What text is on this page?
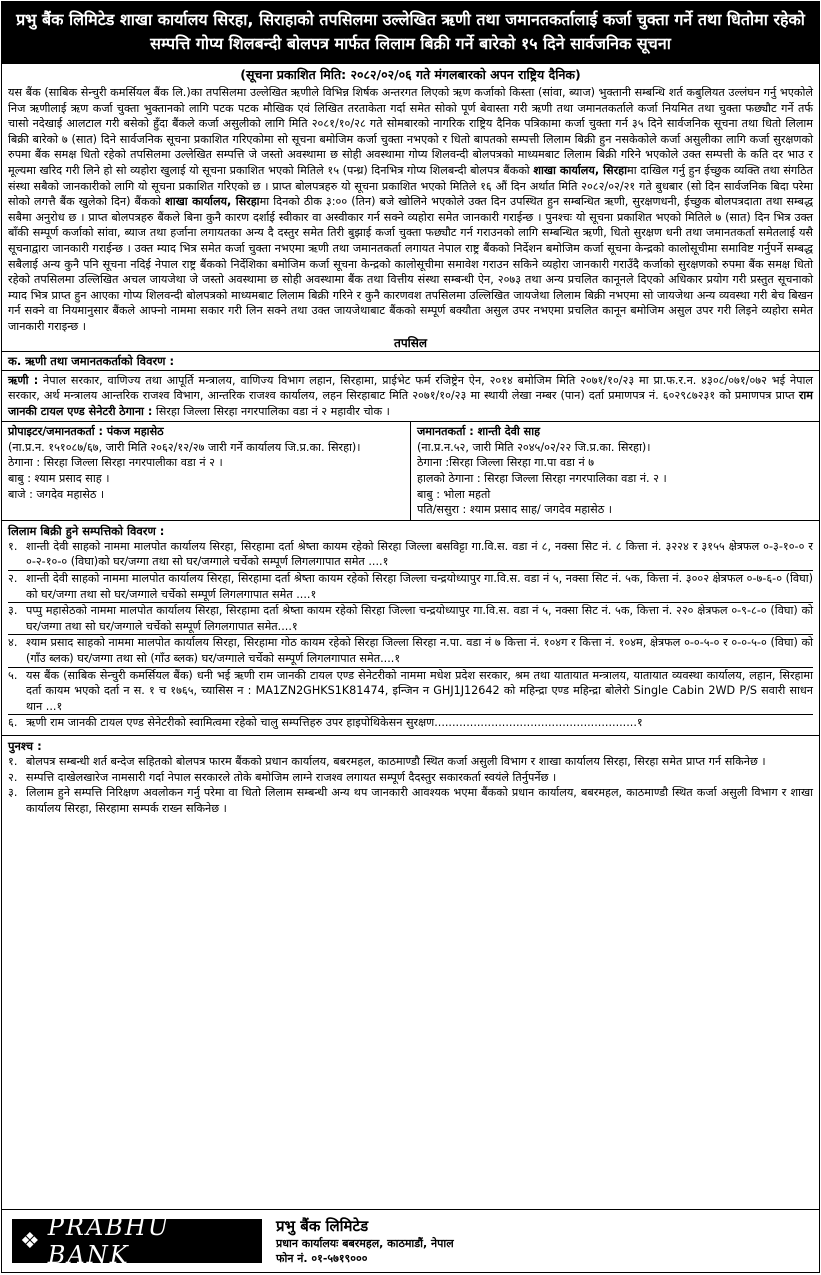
प्रभु बैंक लिमिटेड शाखा कार्यालय सिरहा, सिराहाको तपसिलमा उल्लेखित ऋणी तथा जमानतकर्तालाई कर्जा चुक्ता गर्ने तथा धितोमा रहेको सम्पत्ति गोप्य शिलबन्दी बोलपत्र मार्फत लिलाम बिक्री गर्ने बारेको १५ दिने सार्वजनिक सूचना
(सूचना प्रकाशित मिति: २०८२/०२/०६ गते मंगलबारको अपन राष्ट्रिय दैनिक)
यस बैंक (साबिक सेन्चुरी कमर्सियल बैंक लि.)का तपसिलमा उल्लेखित ऋणीले विभिन्न शिर्षक अन्तरगत लिएको ऋण कर्जाको किस्ता (सांवा, ब्याज) भुक्तानी सम्बन्धि शर्त कबुलियत उल्लंघन गर्नु भएकोले निज ऋणीलाई ऋण कर्जा चुक्ता भुक्तानको लागि पटक पटक मौखिक एवं लिखित तरताकेता गर्दा समेत सोको पूर्ण बेवास्ता गरी ऋणी तथा जमानतकर्ताले कर्जा नियमित तथा चुक्ता फछ्यौट गर्ने तर्फ चासो नदेखाई आलटाल गरी बसेको हुँदा बैंकले कर्जा असुलीको लागि मिति २०८१/१०/२८ गते सोमबारको नागरिक राष्ट्रिय दैनिक पत्रिकामा कर्जा चुक्ता गर्न ३५ दिने सार्वजनिक सूचना तथा धितो लिलाम बिक्री बारेको ७ (सात) दिने सार्वजनिक सूचना प्रकाशित गरिएकोमा सो सूचना बमोजिम कर्जा चुक्ता नभएको र धितो बापतको सम्पत्ती लिलाम बिक्री हुन नसकेकोले कर्जा असुलीका लागि कर्जा सुरक्षणको रुपमा बैंक समक्ष धितो रहेको तपसिलमा उल्लेखित सम्पत्ति जे जस्तो अवस्थामा छ सोही अवस्थामा गोप्य शिलवन्दी बोलपत्रको माध्यमबाट लिलाम बिक्री गरिने भएकोले उक्त सम्पत्ती के कति दर भाउ र मूल्यमा खरिद गरी लिने हो सो व्यहोरा खुलाई यो सूचना प्रकाशित भएको मितिले १५ (पन्ध्र) दिनभित्र गोप्य शिलबन्दी बोलपत्र बैंकको शाखा कार्यालय, सिरहामा दाखिल गर्नु हुन ईच्छुक व्यक्ति तथा संगठित संस्था सबैको जानकारीको लागि यो सूचना प्रकाशित गरिएको छ । प्राप्त बोलपत्रहरु यो सूचना प्रकाशित भएको मितिले १६ औं दिन अर्थात मिति २०८२/०२/२१ गते बुधबार (सो दिन सार्वजनिक बिदा परेमा सोको लगत्तै बैंक खुलेको दिन) बैंकको शाखा कार्यालय, सिरहामा दिनको ठीक ३:०० (तिन) बजे खोलिने भएकोले उक्त दिन उपस्थित हुन सम्बन्धित ऋणी, सुरक्षणधनी, ईच्छुक बोलपत्रदाता तथा सम्बद्ध सबैमा अनुरोध छ । प्राप्त बोलपत्रहरु बैंकले बिना कुनै कारण दर्शाई स्वीकार वा अस्वीकार गर्न सक्ने व्यहोरा समेत जानकारी गराईन्छ । पुनश्चः यो सूचना प्रकाशित भएको मितिले ७ (सात) दिन भित्र उक्त बाँकी सम्पूर्ण कर्जाको सांवा, ब्याज तथा हर्जाना लगायतका अन्य दै दस्तुर समेत तिरी बुझाई कर्जा चुक्ता फछ्यौट गर्न गराउनको लागि सम्बन्धित ऋणी, धितो सुरक्षण धनी तथा जमानतकर्ता समेतलाई यसै सूचनाद्वारा जानकारी गराईन्छ । उक्त म्याद भित्र समेत कर्जा चुक्ता नभएमा ऋणी तथा जमानतकर्ता लगायत नेपाल राष्ट्र बैंकको निर्देशन बमोजिम कर्जा सूचना केन्द्रको कालोसूचीमा समाविष्ट गर्नुपर्ने सम्बद्ध सबैलाई अन्य कुनै पनि सूचना नदिई नेपाल राष्ट्र बैंकको निर्देशिका बमोजिम कर्जा सूचना केन्द्रको कालोसूचीमा समावेश गराउन सकिने व्यहोरा जानकारी गराउँदै कर्जाको सुरक्षणको रुपमा बैंक समक्ष धितो रहेको तपसिलमा उल्लिखित अचल जायजेथा जे जस्तो अवस्थामा छ सोही अवस्थामा बैंक तथा वित्तीय संस्था सम्बन्धी ऐन, २०७३ तथा अन्य प्रचलित कानूनले दिएको अधिकार प्रयोग गरी प्रस्तुत सूचनाको म्याद भित्र प्राप्त हुन आएका गोप्य शिलवन्दी बोलपत्रको माध्यमबाट लिलाम बिक्री गरिने र कुनै कारणवश तपसिलमा उल्लिखित जायजेथा लिलाम बिक्री नभएमा सो जायजेथा अन्य व्यवस्था गरी बेच बिखन गर्न सक्ने वा नियमानुसार बैंकले आफ्नो नाममा सकार गरी लिन सक्ने तथा उक्त जायजेथाबाट बैंकको सम्पूर्ण बक्यौता असुल उपर नभएमा प्रचलित कानून बमोजिम असुल उपर गरी लिइने व्यहोरा समेत जानकारी गराइन्छ ।
तपसिल
क. ऋणी तथा जमानतकर्ताको विवरण :
ऋणी : नेपाल सरकार, वाणिज्य तथा आपूर्ति मन्त्रालय, वाणिज्य विभाग लहान, सिरहामा, प्राईभेट फर्म रजिष्ट्रेन ऐन, २०१४ बमोजिम मिति २०७१/१०/२३ मा प्रा.फ.र.न. ४३०८/०७१/०७२ भई नेपाल सरकार, अर्थ मन्त्रालय आन्तरिक राजश्व विभाग, आन्तरिक राजश्व कार्यालय, लहन सिरहाबाट मिति २०७१/१०/२३ मा स्थायी लेखा नम्बर (पान) दर्ता प्रमाणपत्र नं. ६०२९८७२३१ को प्रमाणपत्र प्राप्त राम जानकी टायल एण्ड सेनेटरी ठेगाना : सिरहा जिल्ला सिरहा नगरपालिका वडा नं २ महावीर चोक ।
प्रोपाइटर/जमानतकर्ता : पंकज महासेठ
(ना.प्र.न. १५१०८७/६७, जारी मिति २०६२/१२/२७ जारी गर्ने कार्यालय जि.प्र.का. सिरहा)।
ठेगाना : सिरहा जिल्ला सिरहा नगरपालीका वडा नं २ ।
बाबु : श्याम प्रसाद साह ।
बाजे : जगदेव महासेठ ।
जमानतकर्ता : शान्ती देवी साह
(ना.प्र.न.५२, जारी मिति २०४५/०२/२२ जि.प्र.का. सिरहा)।
ठेगाना :सिरहा जिल्ला सिरहा गा.पा वडा नं ७
हालको ठेगाना : सिरहा जिल्ला सिरहा नगरपालिका वडा नं. २ ।
बाबु : भोला महतो
पति/ससुरा : श्याम प्रसाद साह/ जगदेव महासेठ ।
लिलाम बिक्री हुने सम्पत्तिको विवरण :
१. शान्ती देवी साहको नाममा मालपोत कार्यालय सिरहा, सिरहामा दर्ता श्रेष्ता कायम रहेको सिरहा जिल्ला बसविट्टा गा.वि.स. वडा नं ८, नक्सा सिट नं. ८ कित्ता नं. ३२२४ र ३१५५ क्षेत्रफल ०-३-१०-० र ०-२-१०-० (विघा)को घर/जग्गा तथा सो घर/जग्गाले चर्चेको सम्पूर्ण लिगलगापात समेत ....१
२. शान्ती देवी साहको नाममा मालपोत कार्यालय सिरहा, सिरहामा दर्ता श्रेष्ता कायम रहेको सिरहा जिल्ला चन्द्रयोध्यापुर गा.वि.स. वडा नं ५, नक्सा सिट नं. ५क, कित्ता नं. ३००२ क्षेत्रफल ०-७-६-० (विघा) को घर/जग्गा तथा सो घर/जग्गाले चर्चेको सम्पूर्ण लिगलगापात समेत ....१
३. पप्पु महासेठको नाममा मालपोत कार्यालय सिरहा, सिरहामा दर्ता श्रेष्ता कायम रहेको सिरहा जिल्ला चन्द्रयोध्यापुर गा.वि.स. वडा नं ५, नक्सा सिट नं. ५क, कित्ता नं. २२० क्षेत्रफल ०-९-८-० (विघा) को घर/जग्गा तथा सो घर/जग्गाले चर्चेको सम्पूर्ण लिगलगापात समेत....१
४. श्याम प्रसाद साहको नाममा मालपोत कार्यालय सिरहा, सिरहामा गोठ कायम रहेको सिरहा जिल्ला सिरहा न.पा. वडा नं ७ कित्ता नं. १०४ग र कित्ता नं. १०४म, क्षेत्रफल ०-०-५-० र ०-०-५-० (विघा) को (गाँउ ब्लक) घर/जग्गा तथा सो (गाँउ ब्लक) घर/जग्गाले चर्चेको सम्पूर्ण लिगलगापात समेत....१
५. यस बैंक (साबिक सेन्चुरी कमर्सियल बैंक) धनी भई ऋणी राम जानकी टायल एण्ड सेनेटरीको नाममा मधेश प्रदेश सरकार, श्रम तथा यातायात मन्त्रालय, यातायात व्यवस्था कार्यालय, लहान, सिरहामा दर्ता कायम भएको दर्ता न स. १ च १७६५, च्यासिस न : MA1ZN2GHKS1K81474, इन्जिन न GHJ1J12642 को महिन्द्रा एण्ड महिन्द्रा बोलेरो Single Cabin 2WD P/S सवारी साधन थान ...१
६. ऋणी राम जानकी टायल एण्ड सेनेटरीको स्वामित्वमा रहेको चालु सम्पत्तिहरु उपर हाइपोथिकेसन सुरक्षण.........................................................१
पुनश्च :
१. बोलपत्र सम्बन्धी शर्त बन्देज सहितको बोलपत्र फारम बैंकको प्रधान कार्यालय, बबरमहल, काठमाण्डौ स्थित कर्जा असुली विभाग र शाखा कार्यालय सिरहा, सिरहा समेत प्राप्त गर्न सकिनेछ ।
२. सम्पत्ति दाखेलखारेज नामसारी गर्दा नेपाल सरकारले तोके बमोजिम लाग्ने राजश्व लगायत सम्पूर्ण दैदस्तुर सकारकर्ता स्वयंले तिर्नुपर्नेछ ।
३. लिलाम हुने सम्पत्ति निरिक्षण अवलोकन गर्नु परेमा वा धितो लिलाम सम्बन्धी अन्य थप जानकारी आवश्यक भएमा बैंकको प्रधान कार्यालय, बबरमहल, काठमाण्डौ स्थित कर्जा असुली विभाग र शाखा कार्यालय सिरहा, सिरहामा सम्पर्क राख्न सकिनेछ ।
❖ PRABHU BANK
प्रभु बैंक लिमिटेड
प्रधान कार्यालयः बबरमहल, काठमाडौं, नेपाल
फोन नं. ०१-५७१९०००
